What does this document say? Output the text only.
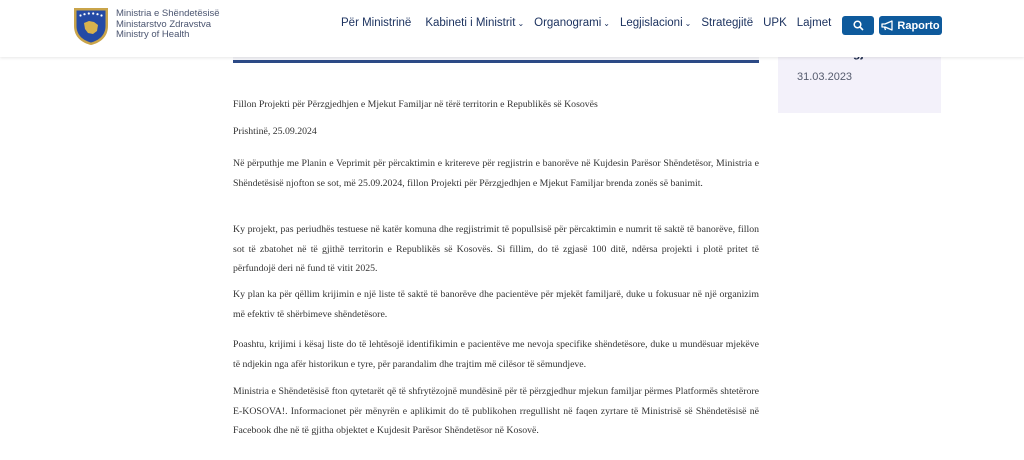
31.03.2023
Ministria e Shëndetësisë
Ministarstvo Zdravstva
Ministry of Health
Për Ministrinë Kabineti i Ministrit ⌄ Organogrami ⌄ Legjislacioni ⌄ Strategjitë UPK Lajmet	Raporto

Fillon Projekti për Përzgjedhjen e Mjekut Familjar në tërë territorin e Republikës së Kosovës

Prishtinë, 25.09.2024

Në përputhje me Planin e Veprimit për përcaktimin e kritereve për regjistrin e banorëve në Kujdesin Parësor Shëndetësor, Ministria e Shëndetësisë njofton se sot, më 25.09.2024, fillon Projekti për Përzgjedhjen e Mjekut Familjar brenda zonës së banimit.

Ky projekt, pas periudhës testuese në katër komuna dhe regjistrimit të popullsisë për përcaktimin e numrit të saktë të banorëve, fillon sot të zbatohet në të gjithë territorin e Republikës së Kosovës. Si fillim, do të zgjasë 100 ditë, ndërsa projekti i plotë pritet të përfundojë deri në fund të vitit 2025.

Ky plan ka për qëllim krijimin e një liste të saktë të banorëve dhe pacientëve për mjekët familjarë, duke u fokusuar në një organizim më efektiv të shërbimeve shëndetësore.

Poashtu, krijimi i kësaj liste do të lehtësojë identifikimin e pacientëve me nevoja specifike shëndetësore, duke u mundësuar mjekëve të ndjekin nga afër historikun e tyre, për parandalim dhe trajtim më cilësor të sëmundjeve.

Ministria e Shëndetësisë fton qytetarët që të shfrytëzojnë mundësinë për të përzgjedhur mjekun familjar përmes Platformës shtetërore E-KOSOVA!. Informacionet për mënyrën e aplikimit do të publikohen rregullisht në faqen zyrtare të Ministrisë së Shëndetësisë në Facebook dhe në të gjitha objektet e Kujdesit Parësor Shëndetësor në Kosovë.
